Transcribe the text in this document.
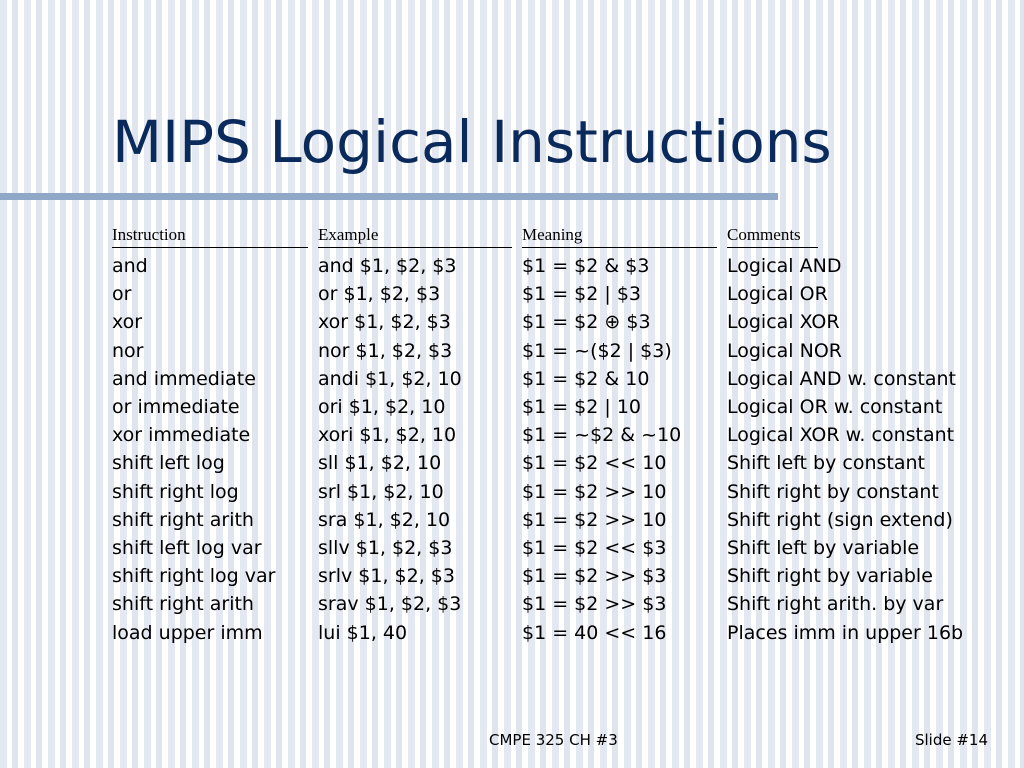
MIPS Logical Instructions
Instruction	Example	Meaning	Comments
and	and $1, $2, $3	$1 = $2 & $3	Logical AND
or	or $1, $2, $3	$1 = $2 | $3	Logical OR
xor	xor $1, $2, $3	$1 = $2 ⊕ $3	Logical XOR
nor	nor $1, $2, $3	$1 = ~($2 | $3)	Logical NOR
and immediate	andi $1, $2, 10	$1 = $2 & 10	Logical AND w. constant
or immediate	ori $1, $2, 10	$1 = $2 | 10	Logical OR w. constant
xor immediate	xori $1, $2, 10	$1 = ~$2 & ~10	Logical XOR w. constant
shift left log	sll $1, $2, 10	$1 = $2 << 10	Shift left by constant
shift right log	srl $1, $2, 10	$1 = $2 >> 10	Shift right by constant
shift right arith	sra $1, $2, 10	$1 = $2 >> 10	Shift right (sign extend)
shift left log var	sllv $1, $2, $3	$1 = $2 << $3	Shift left by variable
shift right log var	srlv $1, $2, $3	$1 = $2 >> $3	Shift right by variable
shift right arith	srav $1, $2, $3	$1 = $2 >> $3	Shift right arith. by var
load upper imm	lui $1, 40	$1 = 40 << 16	Places imm in upper 16b
CMPE 325 CH #3	Slide #14
